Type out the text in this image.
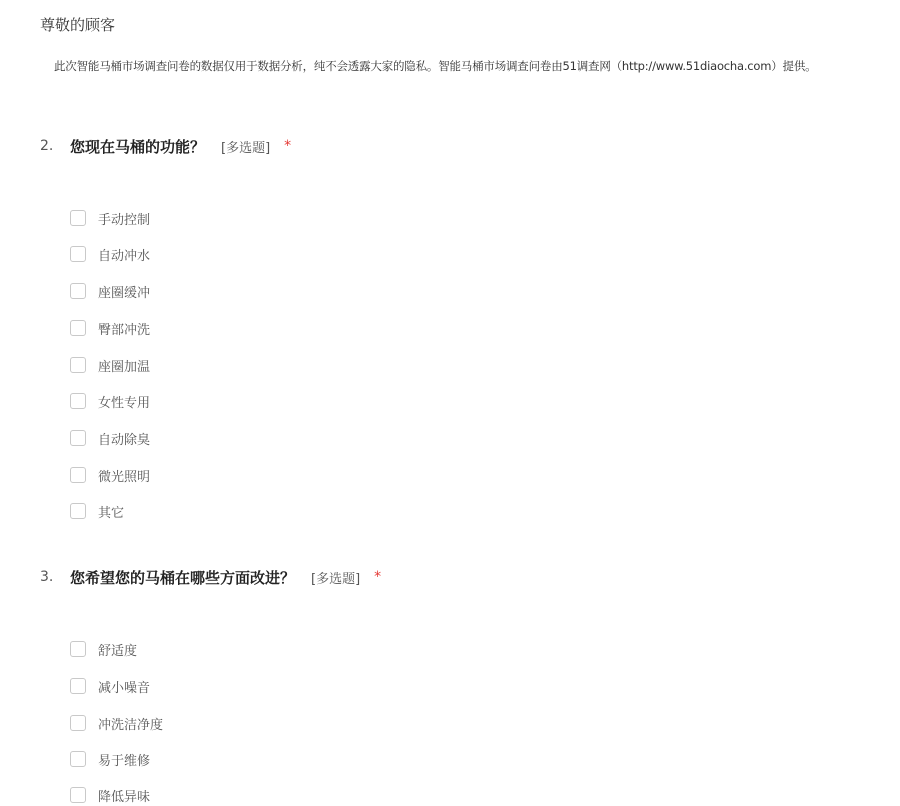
尊敬的顾客
此次智能马桶市场调查问卷的数据仅用于数据分析，纯不会透露大家的隐私。智能马桶市场调查问卷由51调查网（http://www.51diaocha.com）提供。
2.	您现在马桶的功能？ [多选题] *
手动控制
自动冲水
座圈缓冲
臀部冲洗
座圈加温
女性专用
自动除臭
微光照明
其它
3.	您希望您的马桶在哪些方面改进？ [多选题] *
舒适度
减小噪音
冲洗洁净度
易于维修
降低异味
